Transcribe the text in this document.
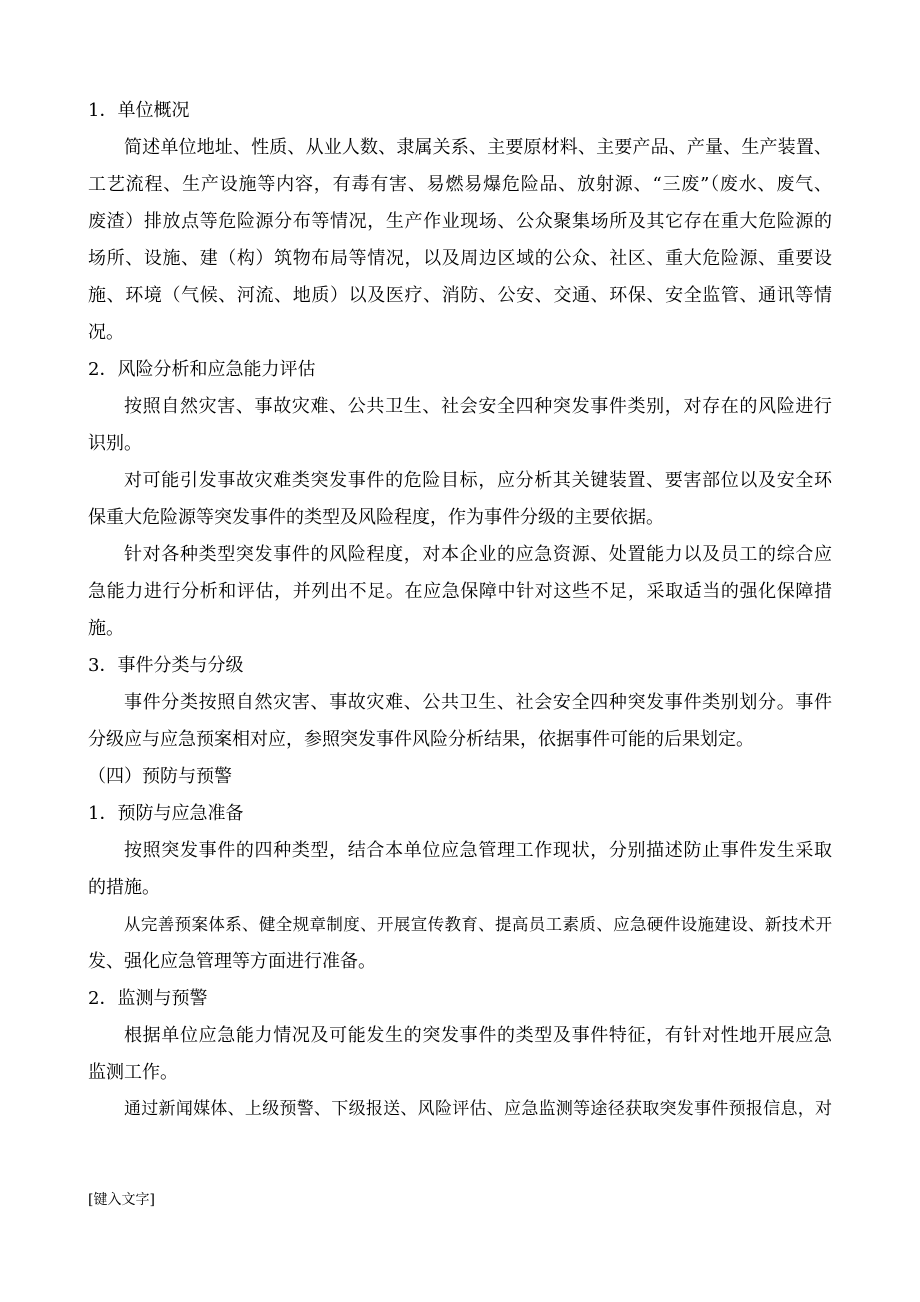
1．单位概况
简述单位地址、性质、从业人数、隶属关系、主要原材料、主要产品、产量、生产装置、
工艺流程、生产设施等内容，有毒有害、易燃易爆危险品、放射源、“三废”（废水、废气、
废渣）排放点等危险源分布等情况，生产作业现场、公众聚集场所及其它存在重大危险源的
场所、设施、建（构）筑物布局等情况，以及周边区域的公众、社区、重大危险源、重要设
施、环境（气候、河流、地质）以及医疗、消防、公安、交通、环保、安全监管、通讯等情
况。
2．风险分析和应急能力评估
按照自然灾害、事故灾难、公共卫生、社会安全四种突发事件类别，对存在的风险进行
识别。
对可能引发事故灾难类突发事件的危险目标，应分析其关键装置、要害部位以及安全环
保重大危险源等突发事件的类型及风险程度，作为事件分级的主要依据。
针对各种类型突发事件的风险程度，对本企业的应急资源、处置能力以及员工的综合应
急能力进行分析和评估，并列出不足。在应急保障中针对这些不足，采取适当的强化保障措
施。
3．事件分类与分级
事件分类按照自然灾害、事故灾难、公共卫生、社会安全四种突发事件类别划分。事件
分级应与应急预案相对应，参照突发事件风险分析结果，依据事件可能的后果划定。
（四）预防与预警
1．预防与应急准备
按照突发事件的四种类型，结合本单位应急管理工作现状，分别描述防止事件发生采取
的措施。
从完善预案体系、健全规章制度、开展宣传教育、提高员工素质、应急硬件设施建设、新技术开
发、强化应急管理等方面进行准备。
2．监测与预警
根据单位应急能力情况及可能发生的突发事件的类型及事件特征，有针对性地开展应急
监测工作。
通过新闻媒体、上级预警、下级报送、风险评估、应急监测等途径获取突发事件预报信息，对
[键入文字]
